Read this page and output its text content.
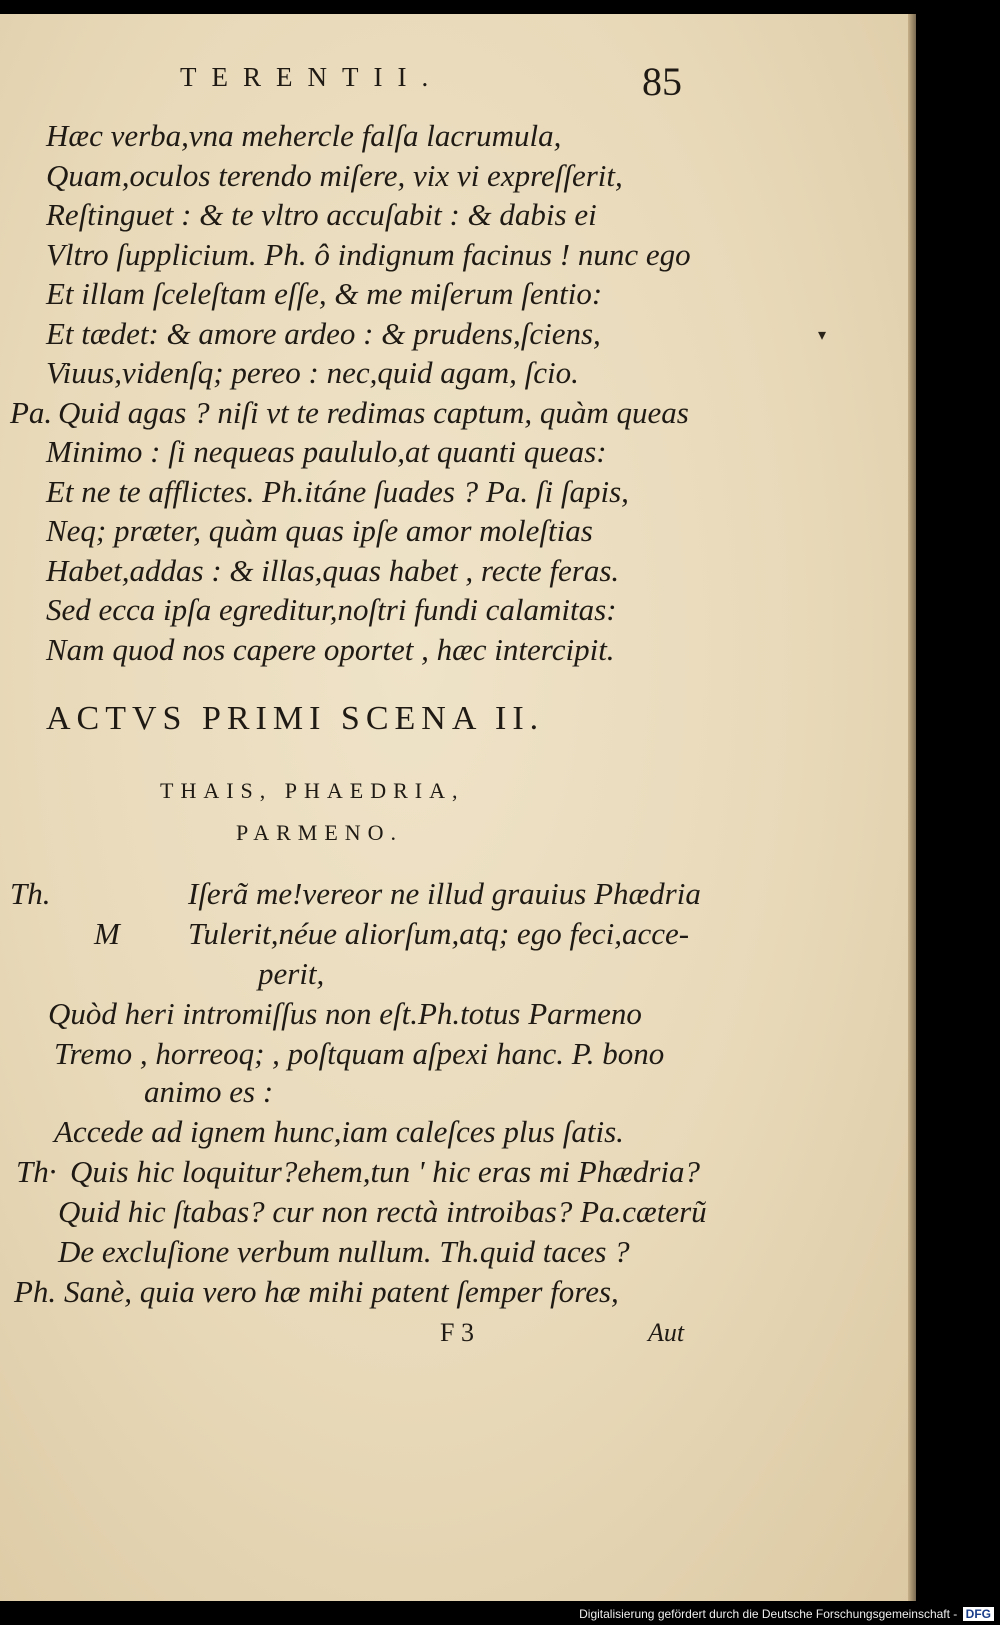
TERENTII.	85
Hæc verba,vna mehercle falſa lacrumula,
Quam,oculos terendo miſere, vix vi expreſſerit,
Reſtinguet : & te vltro accuſabit : & dabis ei
Vltro ſupplicium. Ph. ô indignum facinus ! nunc ego
Et illam ſceleſtam eſſe, & me miſerum ſentio:
Et tædet: & amore ardeo : & prudens,ſciens,
Viuus,videnſq; pereo : nec,quid agam, ſcio.
Pa. Quid agas ? niſi vt te redimas captum, quàm queas
Minimo : ſi nequeas paululo,at quanti queas:
Et ne te afflictes. Ph.itáne ſuades ? Pa. ſi ſapis,
Neq; præter, quàm quas ipſe amor moleſtias
Habet,addas : & illas,quas habet , recte feras.
Sed ecca ipſa egreditur,noſtri fundi calamitas:
Nam quod nos capere oportet , hæc intercipit.
▾
ACTVS PRIMI SCENA II.
THAIS, PHAEDRIA,
PARMENO.
Th.	Iſerã me!vereor ne illud grauius Phædria
M Tulerit,néue aliorſum,atq; ego feci,acce-
perit,
Quòd heri intromiſſus non eſt.Ph.totus Parmeno
Tremo , horreoq; , poſtquam aſpexi hanc. P. bono
animo es :
Accede ad ignem hunc,iam caleſces plus ſatis.
Th· Quis hic loquitur?ehem,tun ' hic eras mi Phædria?
Quid hic ſtabas? cur non rectà introibas? Pa.cæterũ
De excluſione verbum nullum. Th.quid taces ?
Ph. Sanè, quia vero hæ mihi patent ſemper fores,
F 3	Aut
Digitalisierung gefördert durch die Deutsche Forschungsgemeinschaft - DFG
